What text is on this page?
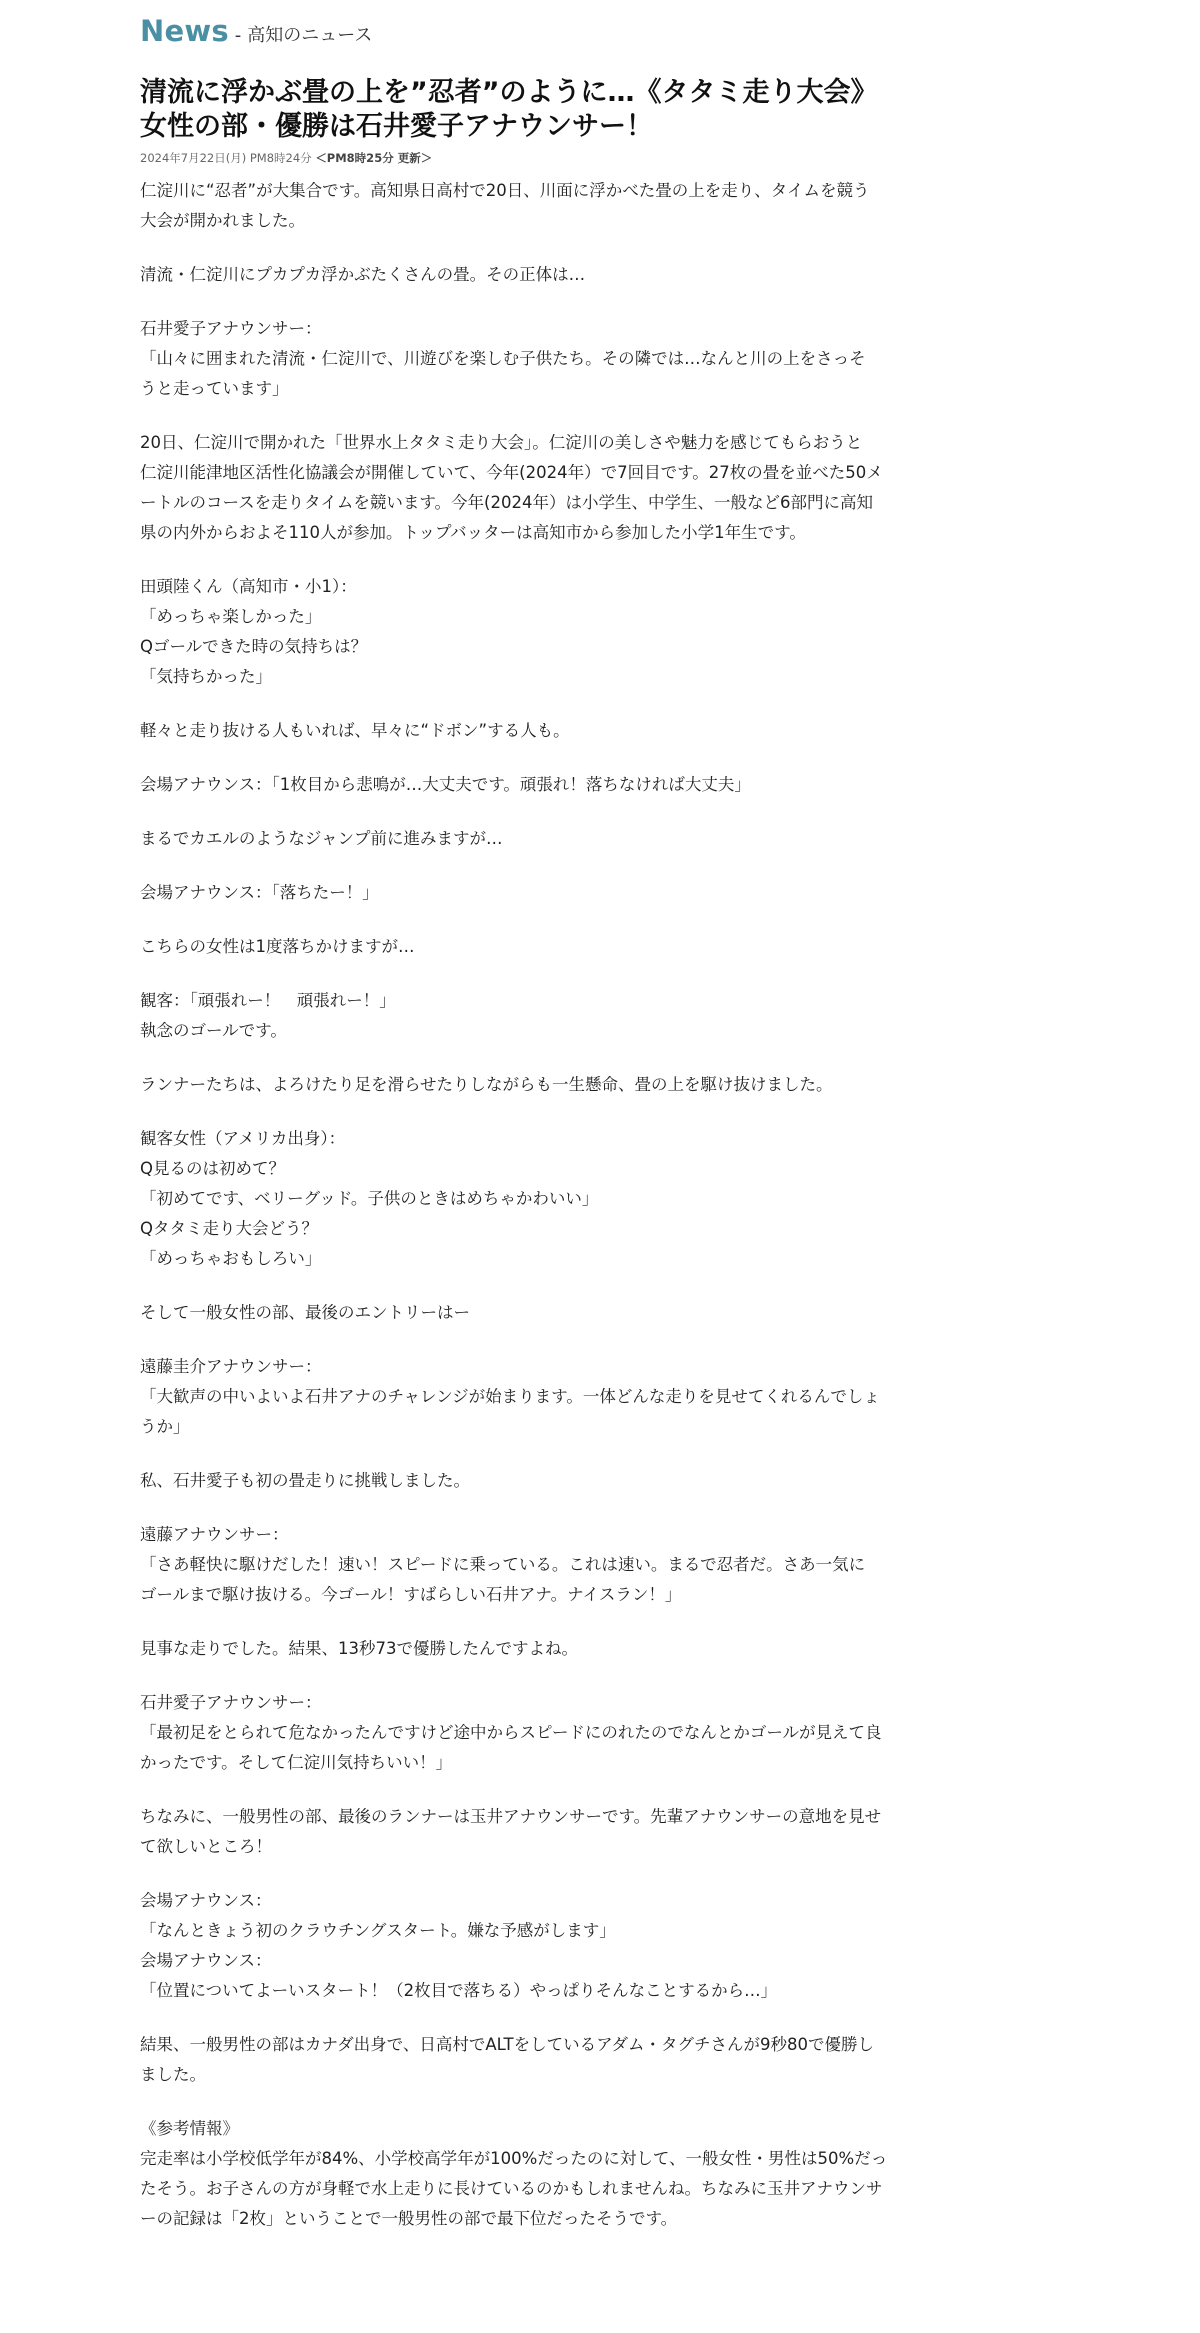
News - 高知のニュース
清流に浮かぶ畳の上を”忍者”のように…《タタミ走り大会》
女性の部・優勝は石井愛子アナウンサー！
2024年7月22日(月) PM8時24分 ＜PM8時25分 更新＞
仁淀川に“忍者”が大集合です。高知県日高村で20日、川面に浮かべた畳の上を走り、タイムを競う
大会が開かれました。
清流・仁淀川にプカプカ浮かぶたくさんの畳。その正体は…
石井愛子アナウンサー：
「山々に囲まれた清流・仁淀川で、川遊びを楽しむ子供たち。その隣では…なんと川の上をさっそ
うと走っています」
20日、仁淀川で開かれた「世界水上タタミ走り大会」。仁淀川の美しさや魅力を感じてもらおうと
仁淀川能津地区活性化協議会が開催していて、今年(2024年）で7回目です。27枚の畳を並べた50メ
ートルのコースを走りタイムを競います。今年(2024年）は小学生、中学生、一般など6部門に高知
県の内外からおよそ110人が参加。トップバッターは高知市から参加した小学1年生です。
田頭陸くん（高知市・小1）：
「めっちゃ楽しかった」
Qゴールできた時の気持ちは？
「気持ちかった」
軽々と走り抜ける人もいれば、早々に“ドボン”する人も。
会場アナウンス：「1枚目から悲鳴が…大丈夫です。頑張れ！落ちなければ大丈夫」
まるでカエルのようなジャンプ前に進みますが…
会場アナウンス：「落ちたー！」
こちらの女性は1度落ちかけますが…
観客：「頑張れー！　頑張れー！」
執念のゴールです。
ランナーたちは、よろけたり足を滑らせたりしながらも一生懸命、畳の上を駆け抜けました。
観客女性（アメリカ出身）：
Q見るのは初めて？
「初めてです、ベリーグッド。子供のときはめちゃかわいい」
Qタタミ走り大会どう？
「めっちゃおもしろい」
そして一般女性の部、最後のエントリーはー
遠藤圭介アナウンサー：
「大歓声の中いよいよ石井アナのチャレンジが始まります。一体どんな走りを見せてくれるんでしょ
うか」
私、石井愛子も初の畳走りに挑戦しました。
遠藤アナウンサー：
「さあ軽快に駆けだした！速い！スピードに乗っている。これは速い。まるで忍者だ。さあ一気に
ゴールまで駆け抜ける。今ゴール！すばらしい石井アナ。ナイスラン！」
見事な走りでした。結果、13秒73で優勝したんですよね。
石井愛子アナウンサー：
「最初足をとられて危なかったんですけど途中からスピードにのれたのでなんとかゴールが見えて良
かったです。そして仁淀川気持ちいい！」
ちなみに、一般男性の部、最後のランナーは玉井アナウンサーです。先輩アナウンサーの意地を見せ
て欲しいところ！
会場アナウンス：
「なんときょう初のクラウチングスタート。嫌な予感がします」
会場アナウンス：
「位置についてよーいスタート！（2枚目で落ちる）やっぱりそんなことするから…」
結果、一般男性の部はカナダ出身で、日高村でALTをしているアダム・タグチさんが9秒80で優勝し
ました。
《参考情報》
完走率は小学校低学年が84%、小学校高学年が100%だったのに対して、一般女性・男性は50%だっ
たそう。お子さんの方が身軽で水上走りに長けているのかもしれませんね。ちなみに玉井アナウンサ
ーの記録は「2枚」ということで一般男性の部で最下位だったそうです。
